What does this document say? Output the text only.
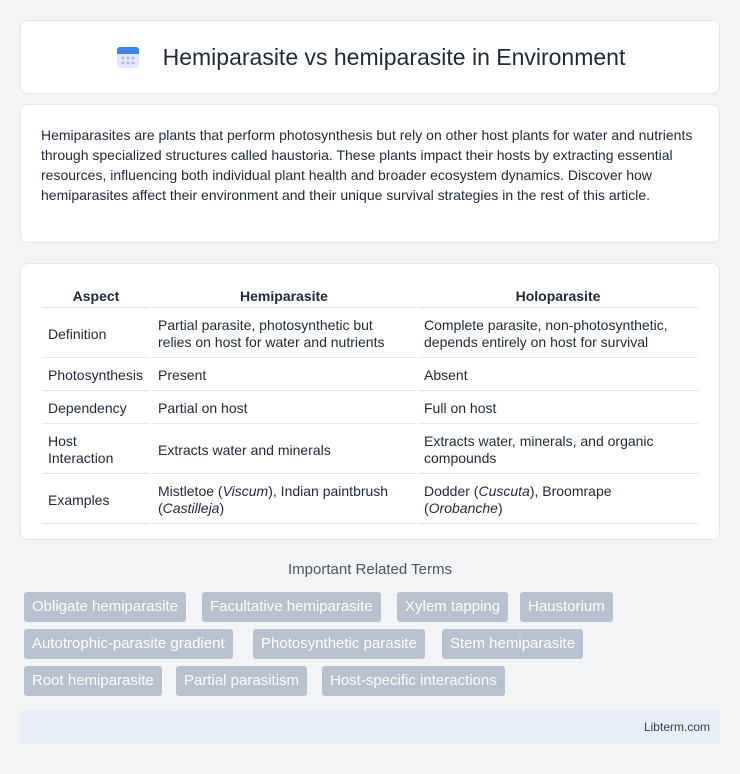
Hemiparasite vs hemiparasite in Environment

Hemiparasites are plants that perform photosynthesis but rely on other host plants for water and nutrients through specialized structures called haustoria. These plants impact their hosts by extracting essential resources, influencing both individual plant health and broader ecosystem dynamics. Discover how hemiparasites affect their environment and their unique survival strategies in the rest of this article.

Aspect	Hemiparasite	Holoparasite
Definition	Partial parasite, photosynthetic but relies on host for water and nutrients	Complete parasite, non-photosynthetic, depends entirely on host for survival
Photosynthesis	Present	Absent
Dependency	Partial on host	Full on host
Host Interaction	Extracts water and minerals	Extracts water, minerals, and organic compounds
Examples	Mistletoe (Viscum), Indian paintbrush (Castilleja)	Dodder (Cuscuta), Broomrape (Orobanche)
Important Related Terms
Obligate hemiparasite	Facultative hemiparasite	Xylem tapping	Haustorium
Autotrophic-parasite gradient	Photosynthetic parasite	Stem hemiparasite
Root hemiparasite	Partial parasitism	Host-specific interactions
Libterm.com
